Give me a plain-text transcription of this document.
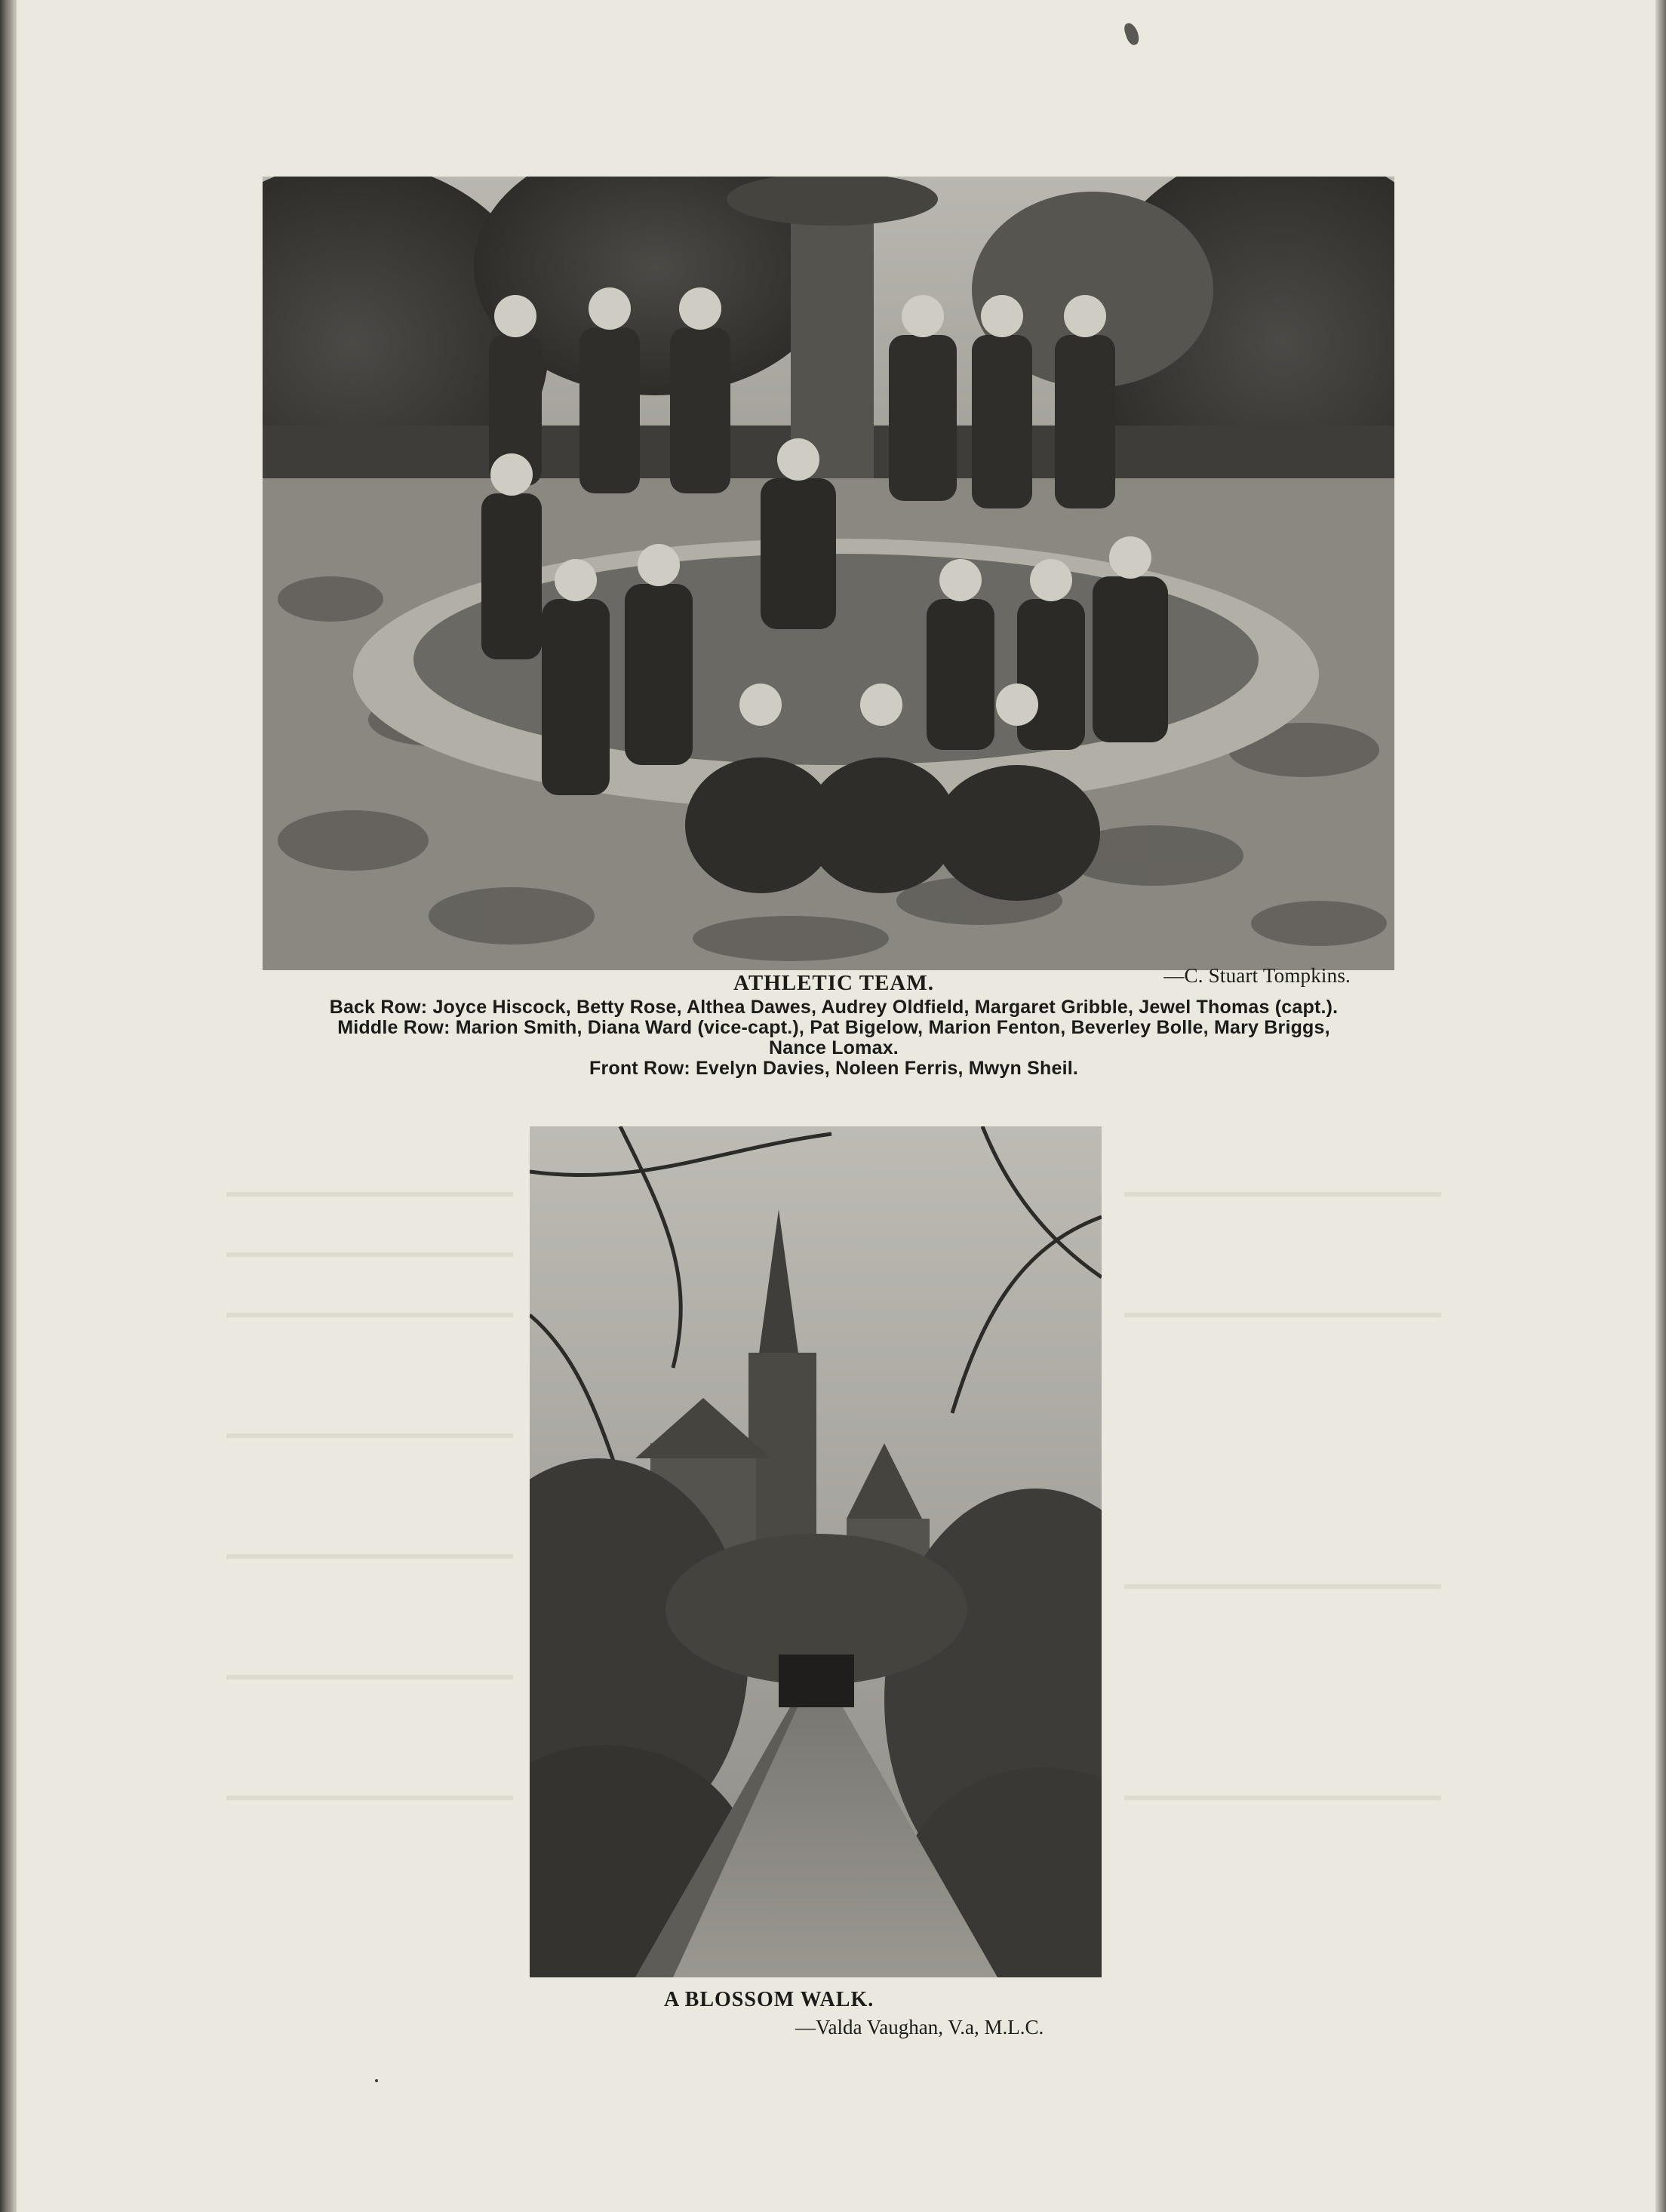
ATHLETIC TEAM.	—C. Stuart Tompkins.
Back Row: Joyce Hiscock, Betty Rose, Althea Dawes, Audrey Oldfield, Margaret Gribble, Jewel Thomas (capt.).
Middle Row: Marion Smith, Diana Ward (vice-capt.), Pat Bigelow, Marion Fenton, Beverley Bolle, Mary Briggs,
Nance Lomax.
Front Row: Evelyn Davies, Noleen Ferris, Mwyn Sheil.
A BLOSSOM WALK.
—Valda Vaughan, V.a, M.L.C.
